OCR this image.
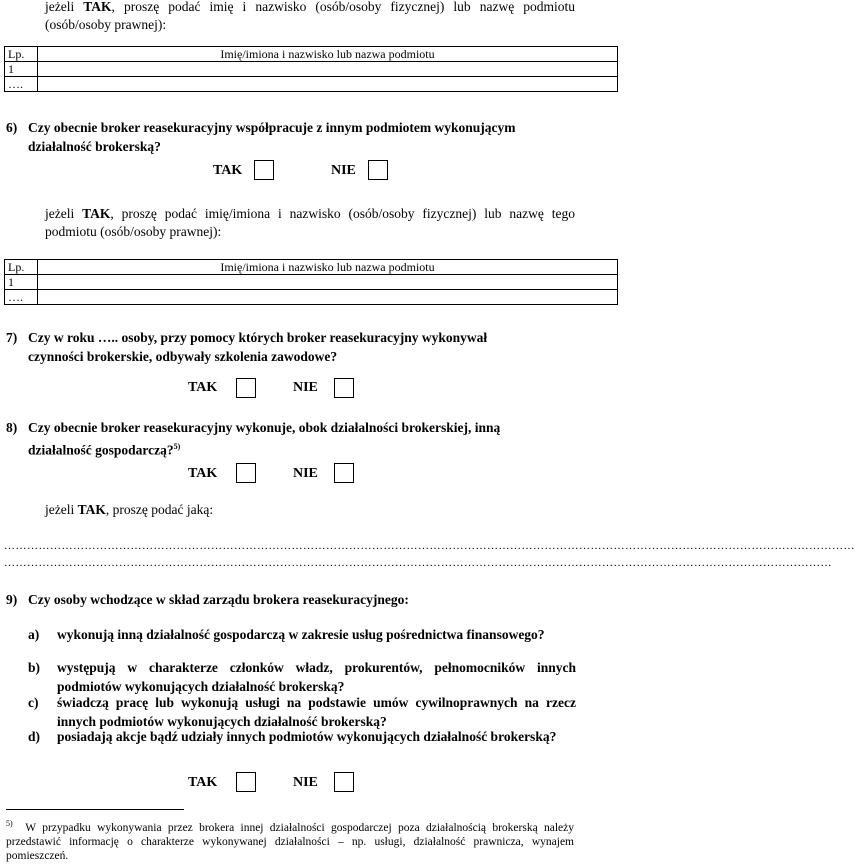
jeżeli TAK, proszę podać imię i nazwisko (osób/osoby fizycznej) lub nazwę podmiotu (osób/osoby prawnej):
Lp.	Imię/imiona i nazwisko lub nazwa podmiotu
1	
….	
6) Czy obecnie broker reasekuracyjny współpracuje z innym podmiotem wykonującym
działalność brokerską?
TAK	NIE
jeżeli TAK, proszę podać imię/imiona i nazwisko (osób/osoby fizycznej) lub nazwę tego podmiotu (osób/osoby prawnej):
Lp.	Imię/imiona i nazwisko lub nazwa podmiotu
1	
….	
7) Czy w roku ….. osoby, przy pomocy których broker reasekuracyjny wykonywał
czynności brokerskie, odbywały szkolenia zawodowe?
TAK	NIE
8) Czy obecnie broker reasekuracyjny wykonuje, obok działalności brokerskiej, inną
działalność gospodarczą?$^{5)}$
TAK	NIE
jeżeli TAK, proszę podać jaką:
……………………………………………………………………………………………………………………………………………………………………………………………………
………………………………………………………………………………………………………………………………………………………………………………………………
9) Czy osoby wchodzące w skład zarządu brokera reasekuracyjnego:
a)	wykonują inną działalność gospodarczą w zakresie usług pośrednictwa finansowego?
b)	występują w charakterze członków władz, prokurentów, pełnomocników innych podmiotów wykonujących działalność brokerską?
c)	świadczą pracę lub wykonują usługi na podstawie umów cywilnoprawnych na rzecz innych podmiotów wykonujących działalność brokerską?
d)	posiadają akcje bądź udziały innych podmiotów wykonujących działalność brokerską?
TAK	NIE
$^{5)}$ W przypadku wykonywania przez brokera innej działalności gospodarczej poza działalnością brokerską należy przedstawić informację o charakterze wykonywanej działalności – np. usługi, działalność prawnicza, wynajem pomieszczeń.
